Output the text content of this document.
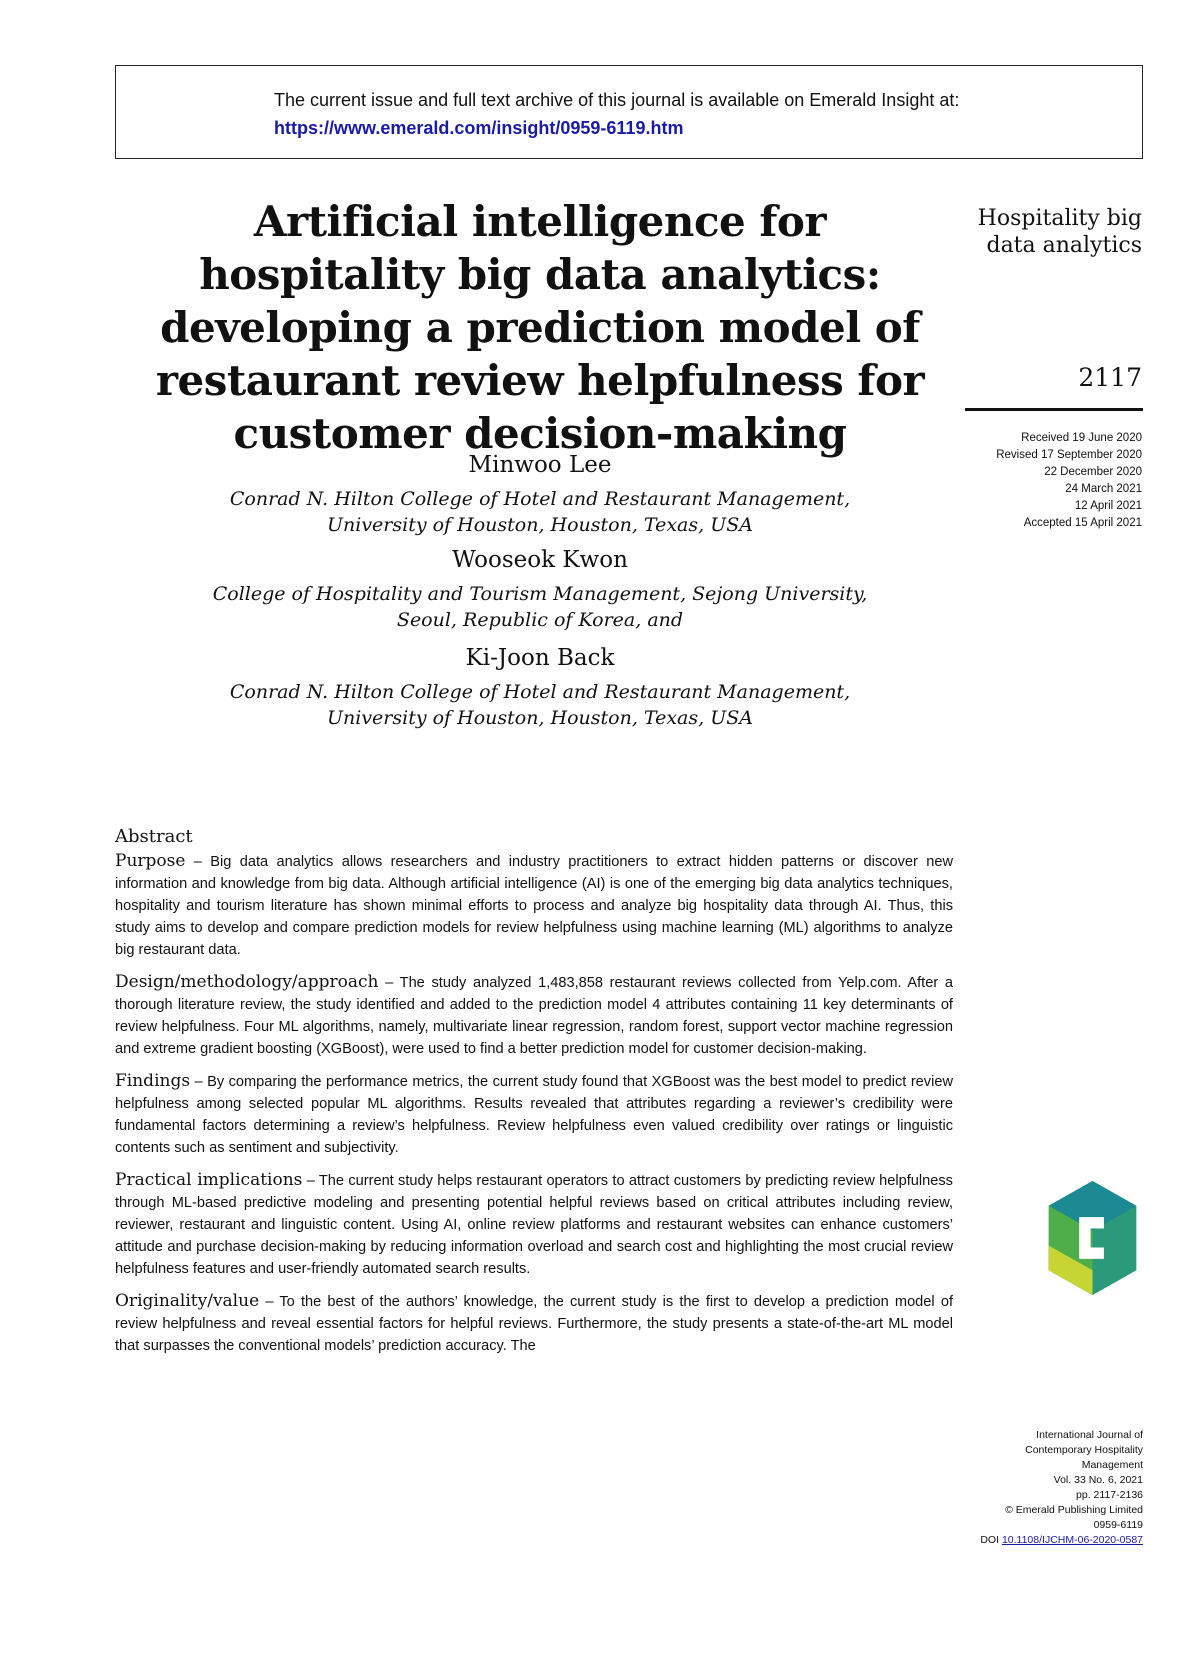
The current issue and full text archive of this journal is available on Emerald Insight at:
https://www.emerald.com/insight/0959-6119.htm
Artificial intelligence for
hospitality big data analytics:
developing a prediction model of
restaurant review helpfulness for
customer decision-making
Minwoo Lee
Conrad N. Hilton College of Hotel and Restaurant Management,
University of Houston, Houston, Texas, USA
Wooseok Kwon
College of Hospitality and Tourism Management, Sejong University,
Seoul, Republic of Korea, and
Ki-Joon Back
Conrad N. Hilton College of Hotel and Restaurant Management,
University of Houston, Houston, Texas, USA
Hospitality big
data analytics
2117
Received 19 June 2020
Revised 17 September 2020
22 December 2020
24 March 2021
12 April 2021
Accepted 15 April 2021
Abstract

Purpose – Big data analytics allows researchers and industry practitioners to extract hidden patterns or discover new information and knowledge from big data. Although artificial intelligence (AI) is one of the emerging big data analytics techniques, hospitality and tourism literature has shown minimal efforts to process and analyze big hospitality data through AI. Thus, this study aims to develop and compare prediction models for review helpfulness using machine learning (ML) algorithms to analyze big restaurant data.

Design/methodology/approach – The study analyzed 1,483,858 restaurant reviews collected from Yelp.com. After a thorough literature review, the study identified and added to the prediction model 4 attributes containing 11 key determinants of review helpfulness. Four ML algorithms, namely, multivariate linear regression, random forest, support vector machine regression and extreme gradient boosting (XGBoost), were used to find a better prediction model for customer decision-making.

Findings – By comparing the performance metrics, the current study found that XGBoost was the best model to predict review helpfulness among selected popular ML algorithms. Results revealed that attributes regarding a reviewer’s credibility were fundamental factors determining a review’s helpfulness. Review helpfulness even valued credibility over ratings or linguistic contents such as sentiment and subjectivity.

Practical implications – The current study helps restaurant operators to attract customers by predicting review helpfulness through ML-based predictive modeling and presenting potential helpful reviews based on critical attributes including review, reviewer, restaurant and linguistic content. Using AI, online review platforms and restaurant websites can enhance customers’ attitude and purchase decision-making by reducing information overload and search cost and highlighting the most crucial review helpfulness features and user-friendly automated search results.

Originality/value – To the best of the authors’ knowledge, the current study is the first to develop a prediction model of review helpfulness and reveal essential factors for helpful reviews. Furthermore, the study presents a state-of-the-art ML model that surpasses the conventional models’ prediction accuracy. The

International Journal of
Contemporary Hospitality
Management
Vol. 33 No. 6, 2021
pp. 2117-2136
© Emerald Publishing Limited
0959-6119
DOI 10.1108/IJCHM-06-2020-0587
